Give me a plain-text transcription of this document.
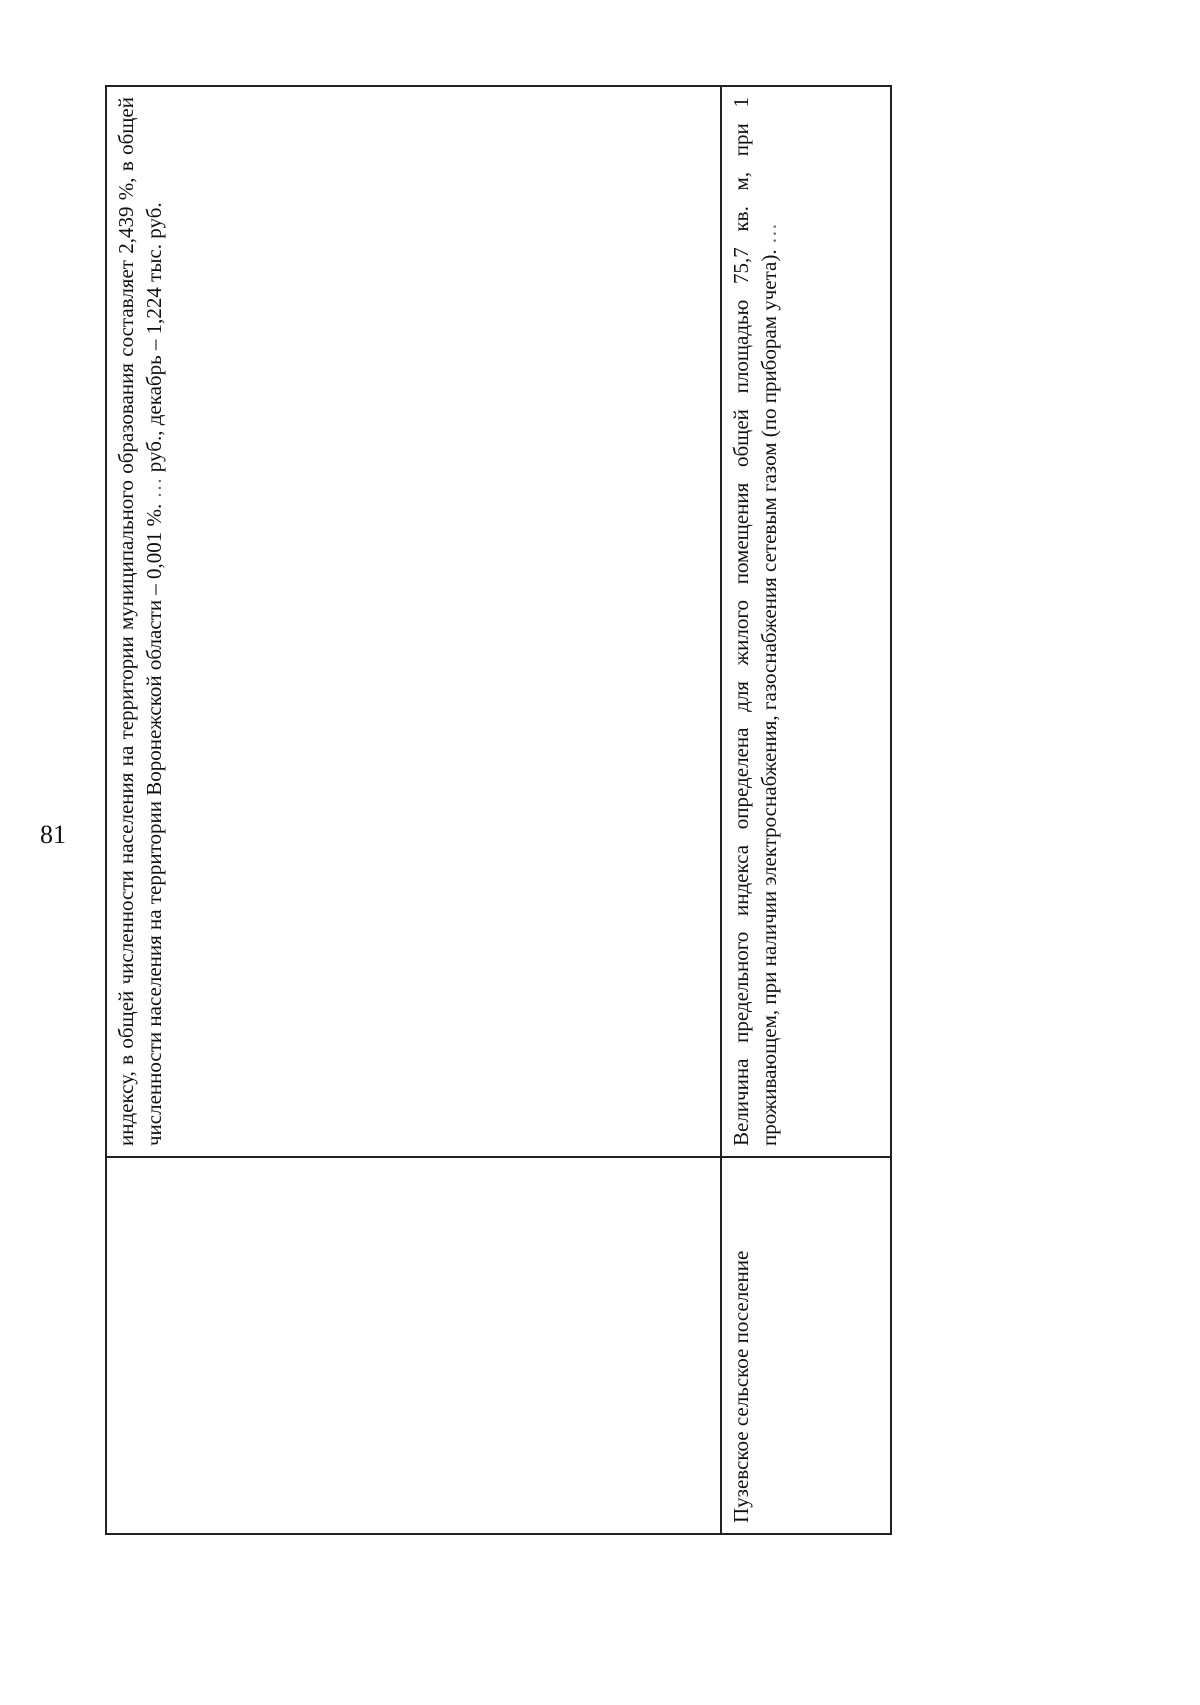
81
	индексу, в общей численности населения на территории муниципального образования составляет 2,439 %, в общей численности населения на территории Воронежской области – 0,001 %. … руб., декабрь – 1,224 тыс. руб.
Пузевское сельское поселение	Величина предельного индекса определена для жилого помещения общей площадью 75,7 кв. м, при 1 проживающем, при наличии электроснабжения, газоснабжения сетевым газом (по приборам учета). …
